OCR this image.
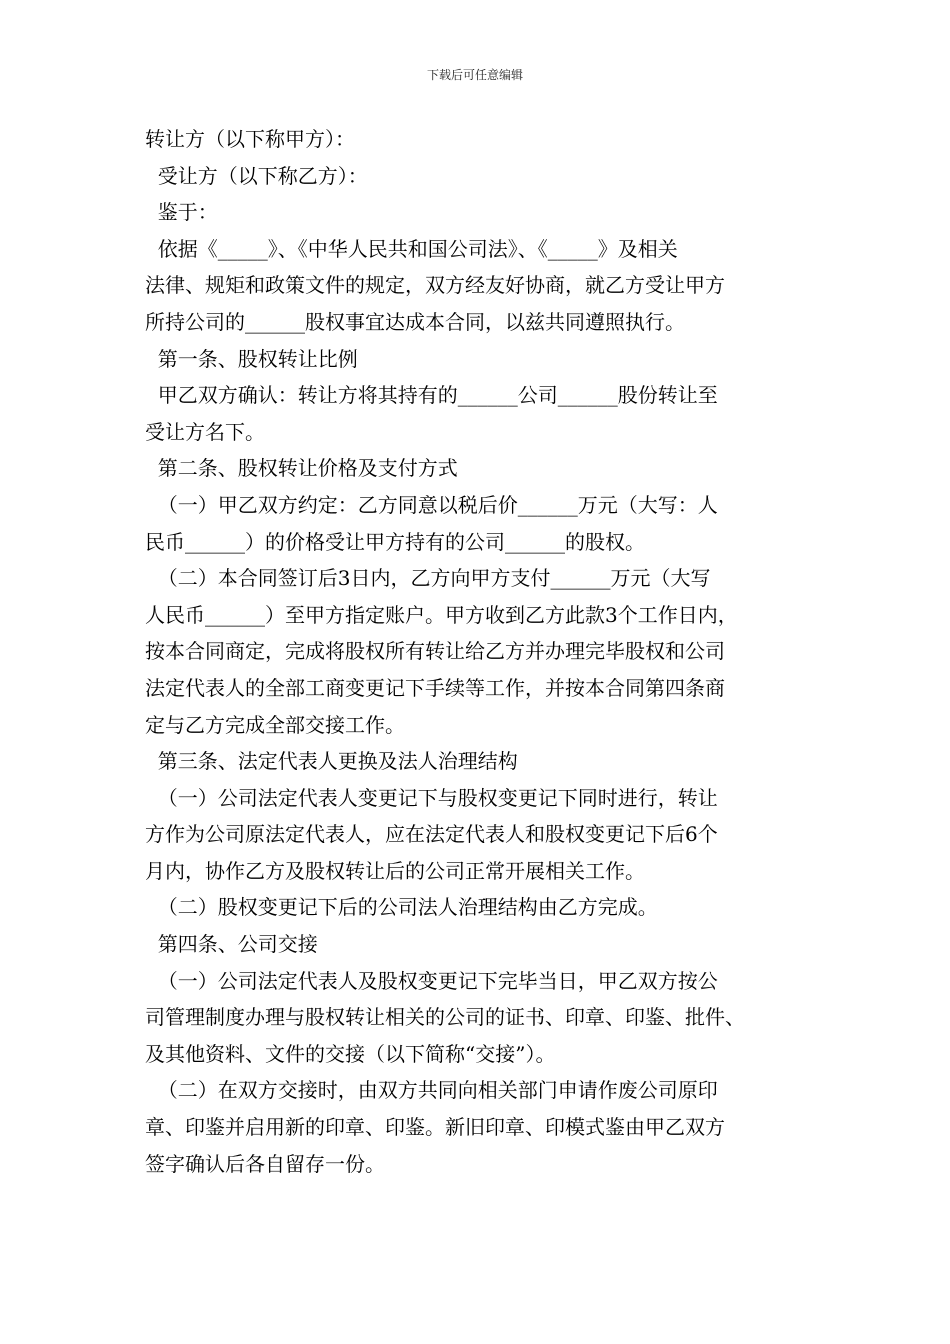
下载后可任意编辑
转让方（以下称甲方）：
受让方（以下称乙方）：
鉴于：
依据《_____》、《中华人民共和国公司法》、《_____》及相关
法律、规矩和政策文件的规定，双方经友好协商，就乙方受让甲方
所持公司的______股权事宜达成本合同，以兹共同遵照执行。
第一条、股权转让比例
甲乙双方确认：转让方将其持有的______公司______股份转让至
受让方名下。
第二条、股权转让价格及支付方式
（一）甲乙双方约定：乙方同意以税后价______万元（大写：人
民币______）的价格受让甲方持有的公司______的股权。
（二）本合同签订后3日内，乙方向甲方支付______万元（大写
人民币______）至甲方指定账户。甲方收到乙方此款3个工作日内，
按本合同商定，完成将股权所有转让给乙方并办理完毕股权和公司
法定代表人的全部工商变更记下手续等工作，并按本合同第四条商
定与乙方完成全部交接工作。
第三条、法定代表人更换及法人治理结构
（一）公司法定代表人变更记下与股权变更记下同时进行，转让
方作为公司原法定代表人，应在法定代表人和股权变更记下后6个
月内，协作乙方及股权转让后的公司正常开展相关工作。
（二）股权变更记下后的公司法人治理结构由乙方完成。
第四条、公司交接
（一）公司法定代表人及股权变更记下完毕当日，甲乙双方按公
司管理制度办理与股权转让相关的公司的证书、印章、印鉴、批件、
及其他资料、文件的交接（以下简称“交接”）。
（二）在双方交接时，由双方共同向相关部门申请作废公司原印
章、印鉴并启用新的印章、印鉴。新旧印章、印模式鉴由甲乙双方
签字确认后各自留存一份。
